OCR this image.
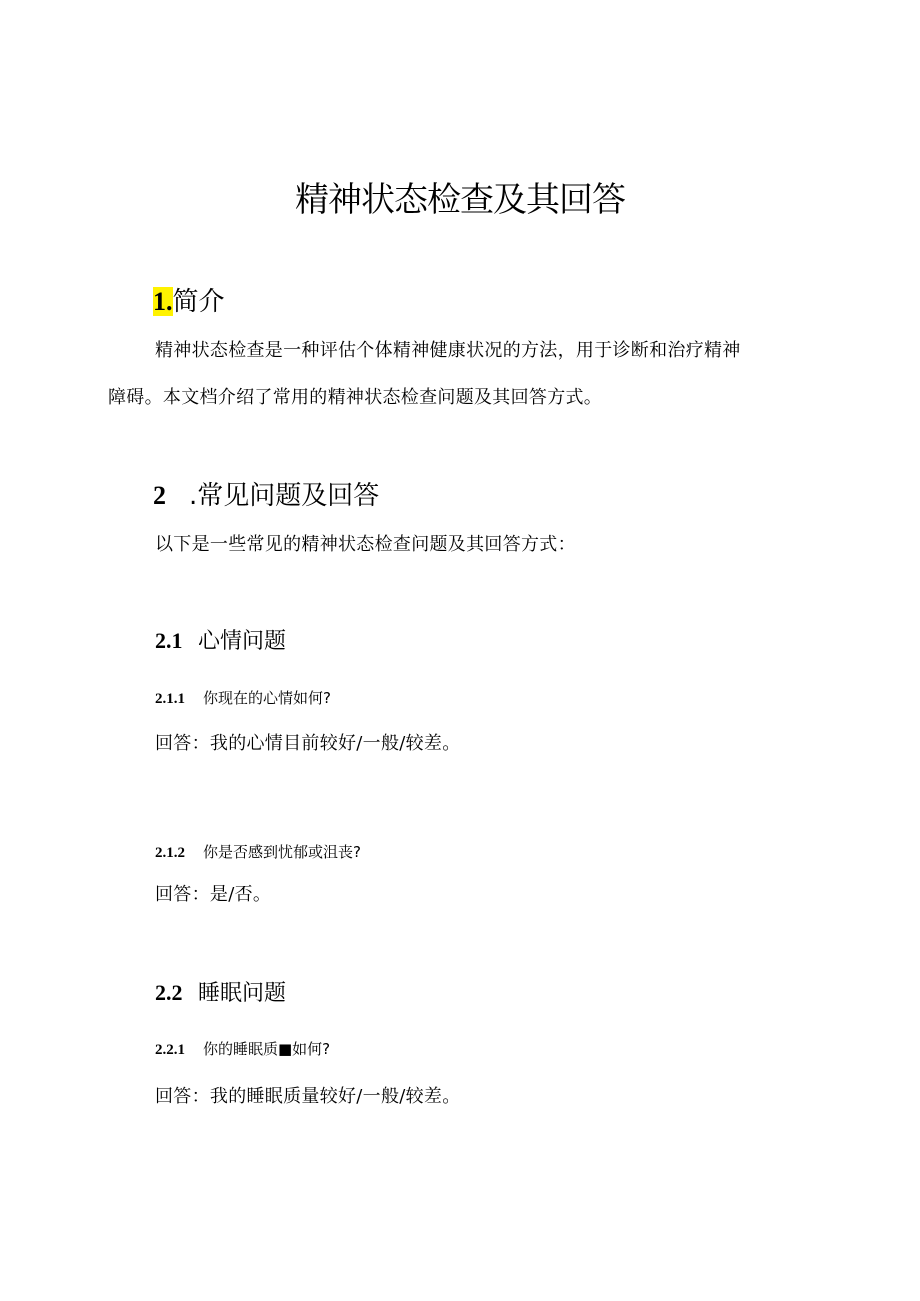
精神状态检查及其回答
1.简介
精神状态检查是一种评估个体精神健康状况的方法，用于诊断和治疗精神
障碍。本文档介绍了常用的精神状态检查问题及其回答方式。
2 .常见问题及回答
以下是一些常见的精神状态检查问题及其回答方式：
2.1 心情问题
2.1.1 你现在的心情如何?
回答：我的心情目前较好/一般/较差。
2.1.2 你是否感到忧郁或沮丧?
回答：是/否。
2.2 睡眠问题
2.2.1 你的睡眠质■如何?
回答：我的睡眠质量较好/一般/较差。
